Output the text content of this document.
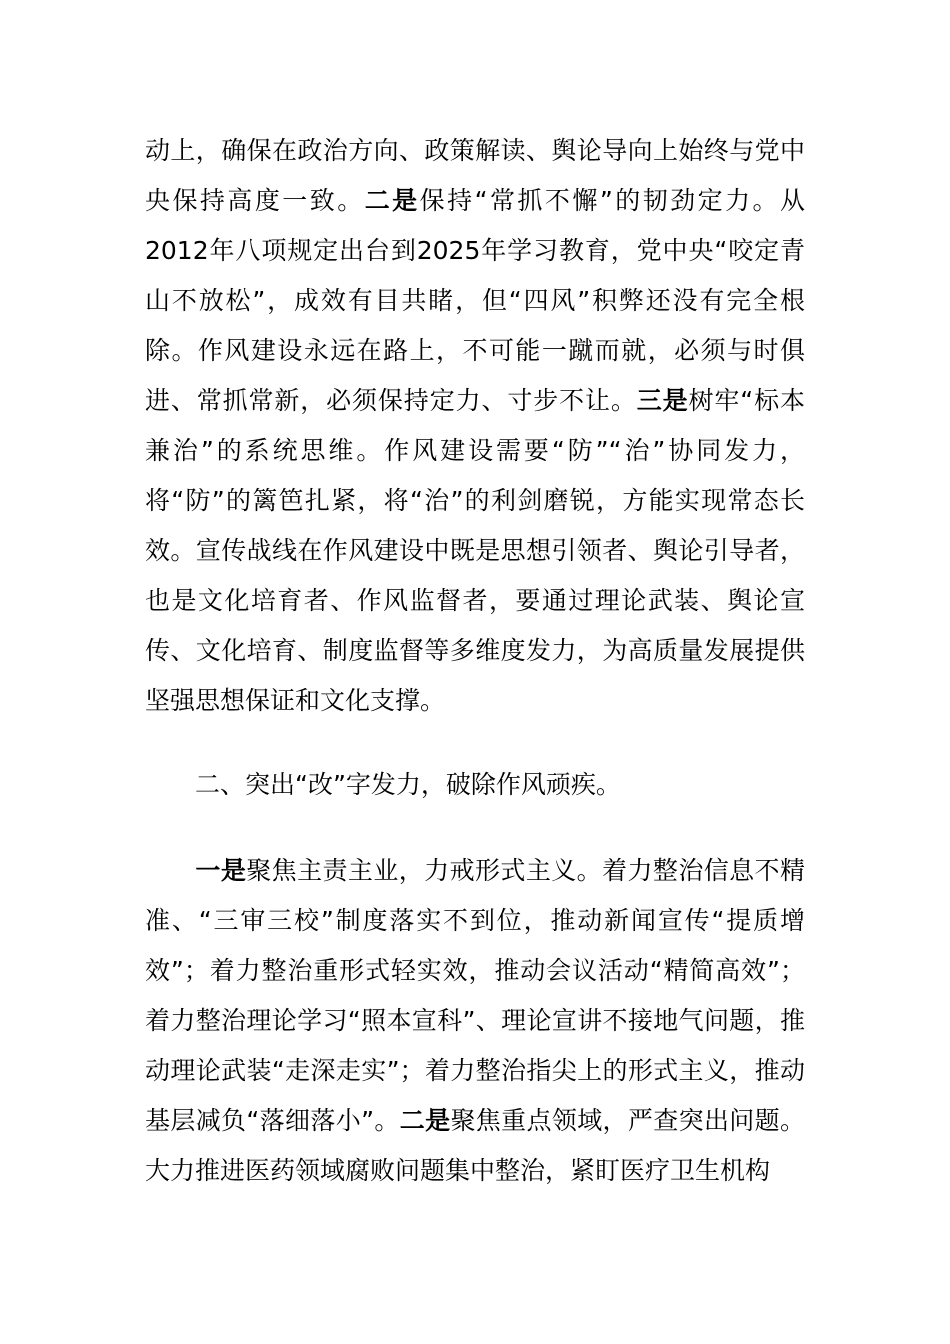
动上，确保在政治方向、政策解读、舆论导向上始终与党中央保持高度一致。二是保持“常抓不懈”的韧劲定力。从2012年八项规定出台到2025年学习教育，党中央“咬定青山不放松”，成效有目共睹，但“四风”积弊还没有完全根除。作风建设永远在路上，不可能一蹴而就，必须与时俱进、常抓常新，必须保持定力、寸步不让。三是树牢“标本兼治”的系统思维。作风建设需要“防”“治”协同发力，将“防”的篱笆扎紧，将“治”的利剑磨锐，方能实现常态长效。宣传战线在作风建设中既是思想引领者、舆论引导者，也是文化培育者、作风监督者，要通过理论武装、舆论宣传、文化培育、制度监督等多维度发力，为高质量发展提供坚强思想保证和文化支撑。

二、突出“改”字发力，破除作风顽疾。

一是聚焦主责主业，力戒形式主义。着力整治信息不精准、“三审三校”制度落实不到位，推动新闻宣传“提质增效”；着力整治重形式轻实效，推动会议活动“精简高效”；着力整治理论学习“照本宣科”、理论宣讲不接地气问题，推动理论武装“走深走实”；着力整治指尖上的形式主义，推动基层减负“落细落小”。二是聚焦重点领域，严查突出问题。大力推进医药领域腐败问题集中整治，紧盯医疗卫生机构
